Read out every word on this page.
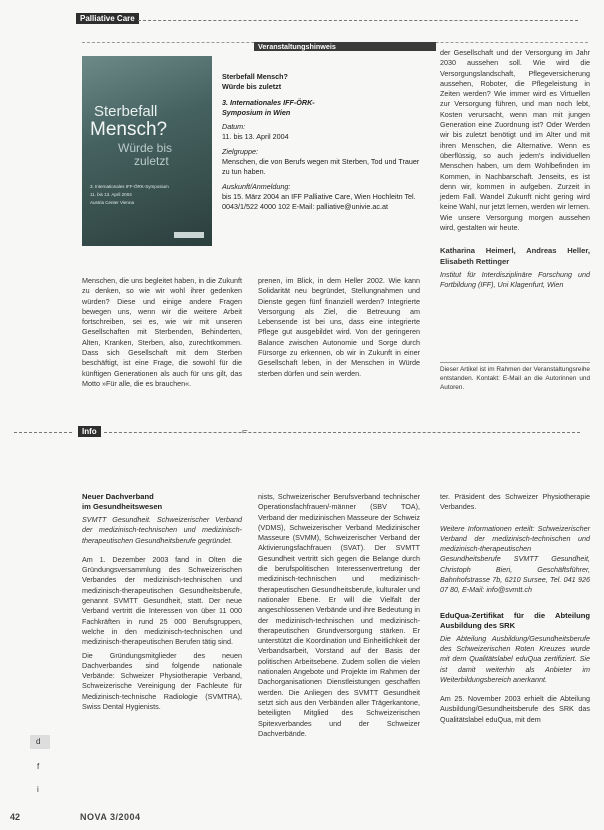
Palliative Care
Veranstaltungshinweis
Sterbefall
Mensch?
Würde bis
zuletzt
3. Internationales IFF-ÖRK-Symposium
11. bis 13. April 2004
Austria Center Vienna
Sterbefall Mensch?
Würde bis zuletzt
3. Internationales IFF-ÖRK-
Symposium in Wien
Datum:
11. bis 13. April 2004
Zielgruppe:
Menschen, die von Berufs wegen mit Sterben, Tod und Trauer zu tun haben.
Auskunft/Anmeldung:
bis 15. März 2004 an IFF Palliative Care, Wien Hochleitn Tel. 0043/1/522 4000 102 E-Mail: palliative@univie.ac.at

Menschen, die uns begleitet haben, in die Zukunft zu denken, so wie wir wohl ihrer gedenken würden? Diese und einige andere Fragen bewegen uns, wenn wir die weitere Arbeit fortschreiben, sei es, wie wir mit unseren Gesellschaften mit Sterbenden, Behinderten, Alten, Kranken, Sterben, also, zurechtkommen. Dass sich Gesellschaft mit dem Sterben beschäftigt, ist eine Frage, die sowohl für die künftigen Generationen als auch für uns gilt, das Motto »Für alle, die es brauchen«.

prenen, im Blick, in dem Heller 2002. Wie kann Solidarität neu begründet, Stellungnahmen und Dienste gegen fünf finanziell werden? Integrierte Versorgung als Ziel, die Betreuung am Lebensende ist bei uns, dass eine integrierte Pflege gut ausgebildet wird. Von der geringeren Balance zwischen Autonomie und Sorge durch Fürsorge zu erkennen, ob wir in Zukunft in einer Gesellschaft leben, in der Menschen in Würde sterben dürfen und sein werden.

der Gesellschaft und der Versorgung im Jahr 2030 aussehen soll. Wie wird die Versorgungslandschaft, Pflegeversicherung aussehen, Roboter, die Pflegeleistung in Zeiten werden? Wie immer wird es Virtuellen zur Versorgung führen, und man noch lebt, Kosten verursacht, wenn man mit jungen Generation eine Zuordnung ist? Oder Werden wir bis zuletzt benötigt und im Alter und mit ihren Menschen, die Alternative. Wenn es überflüssig, so auch jedem's individuellen Menschen haben, um dem Wohlbefinden im Kommen, in Nachbarschaft. Jenseits, es ist denn wir, kommen in aufgeben. Zurzeit in jedem Fall. Wandel Zukunft nicht gering wird keine Wahl, nur jetzt lernen, werden wir lernen. Wie unsere Versorgung morgen aussehen wird, gestalten wir heute.

Katharina Heimerl, Andreas Heller, Elisabeth Rettinger

Institut für Interdisziplinäre Forschung und Fortbildung (IFF), Uni Klagenfurt, Wien

Dieser Artikel ist im Rahmen der Veranstaltungsreihe entstanden. Kontakt: E-Mail an die Autorinnen und Autoren.
Info	⌐

Neuer Dachverband
im Gesundheitswesen

SVMTT Gesundheit. Schweizerischer Verband der medizinisch-technischen und medizinisch-therapeutischen Gesundheitsberufe gegründet.

Am 1. Dezember 2003 fand in Olten die Gründungsversammlung des Schweizerischen Verbandes der medizinisch-technischen und medizinisch-therapeutischen Gesundheitsberufe, genannt SVMTT Gesundheit, statt. Der neue Verband vertritt die Interessen von über 11 000 Fachkräften in rund 25 000 Berufsgruppen, welche in den medizinisch-technischen und medizinisch-therapeutischen Berufen tätig sind.

Die Gründungsmitglieder des neuen Dachverbandes sind folgende nationale Verbände: Schweizer Physiotherapie Verband, Schweizerische Vereinigung der Fachleute für Medizinisch-technische Radiologie (SVMTRA), Swiss Dental Hygienists.

nists, Schweizerischer Berufsverband technischer Operationsfachfrauen/-männer (SBV TOA), Verband der medizinischen Masseure der Schweiz (VDMS), Schweizerischer Verband Medizinischer Masseure (SVMM), Schweizerischer Verband der Aktivierungsfachfrauen (SVAT). Der SVMTT Gesundheit vertritt sich gegen die Belange durch die berufspolitischen Interessenvertretung der medizinisch-technischen und medizinisch-therapeutischen Gesundheitsberufe, kulturaler und nationaler Ebene. Er will die Vielfalt der angeschlossenen Verbände und ihre Bedeutung in der medizinisch-technischen und medizinisch-therapeutischen Grundversorgung stärken. Er unterstützt die Koordination und Einheitlichkeit der Verbandsarbeit, Vorstand auf der Basis der politischen Arbeitsebene. Zudem sollen die vielen nationalen Angebote und Projekte im Rahmen der Dachorganisationen Dienstleistungen geschaffen werden. Die Anliegen des SVMTT Gesundheit setzt sich aus den Verbänden aller Trägerkantone, beteiligten Mitglied des Schweizerischen Spitexverbandes und der Schweizer Dachverbände.

ter. Präsident des Schweizer Physiotherapie Verbandes.

Weitere Informationen erteilt: Schweizerischer Verband der medizinisch-technischen und medizinisch-therapeutischen Gesundheitsberufe SVMTT Gesundheit, Christoph Bieri, Geschäftsführer, Bahnhofstrasse 7b, 6210 Sursee, Tel. 041 926 07 80, E-Mail: info@svmtt.ch

EduQua-Zertifikat für die Abteilung Ausbildung des SRK

Die Abteilung Ausbildung/Gesundheitsberufe des Schweizerischen Roten Kreuzes wurde mit dem Qualitätslabel eduQua zertifiziert. Sie ist damit weiterhin als Anbieter im Weiterbildungsbereich anerkannt.

Am 25. November 2003 erhielt die Abteilung Ausbildung/Gesundheitsberufe des SRK das Qualitätslabel eduQua, mit dem

d
f
i
42	NOVA 3/2004
